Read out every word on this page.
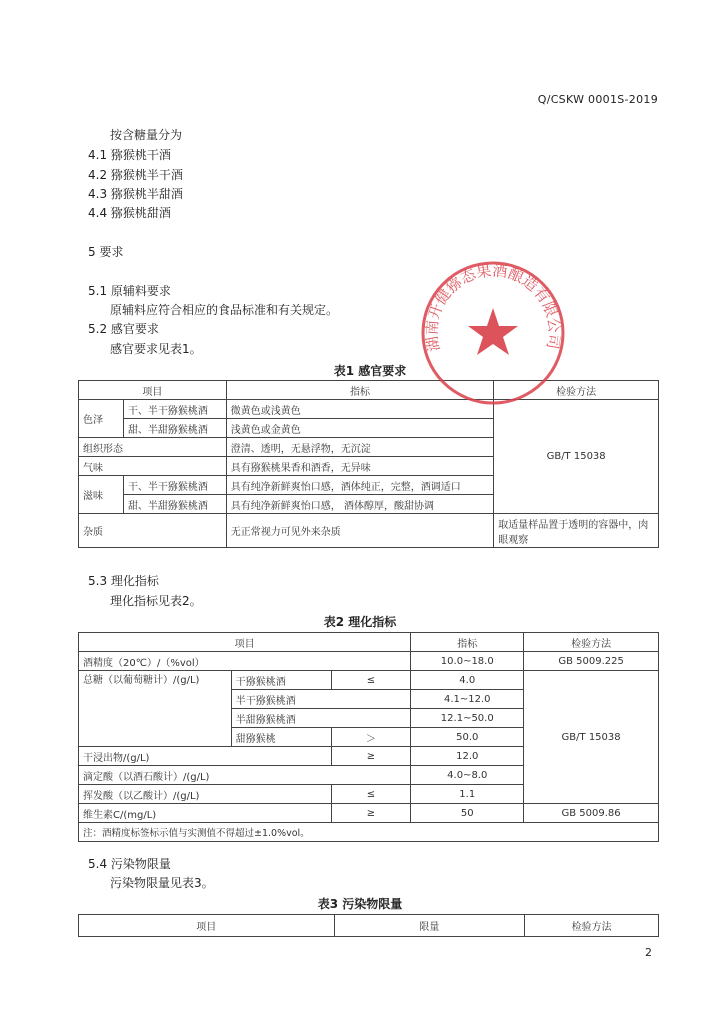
Q/CSKW 0001S-2019
按含糖量分为
4.1 猕猴桃干酒
4.2 猕猴桃半干酒
4.3 猕猴桃半甜酒
4.4 猕猴桃甜酒
5 要求
5.1 原辅料要求
原辅料应符合相应的食品标准和有关规定。
5.2 感官要求
感官要求见表1。
表1 感官要求
项目		指标	检验方法
色泽	干、半干猕猴桃酒	微黄色或浅黄色	GB/T 15038
	甜、半甜猕猴桃酒	浅黄色或金黄色	
组织形态		澄清、透明，无悬浮物，无沉淀	
气味		具有猕猴桃果香和酒香，无异味	
滋味	干、半干猕猴桃酒	具有纯净新鲜爽怡口感，酒体纯正，完整，酒调适口	
	甜、半甜猕猴桃酒	具有纯净新鲜爽怡口感， 酒体醇厚，酸甜协调	
杂质		无正常视力可见外来杂质	取适量样品置于透明的容器中，肉眼观察
5.3 理化指标
理化指标见表2。
表2 理化指标
项目			指标	检验方法
酒精度（20℃）/（%vol）			10.0~18.0	GB 5009.225
总糖（以葡萄糖计）/(g/L)	干猕猴桃酒	≤	4.0	GB/T 15038
	半干猕猴桃酒		4.1~12.0	
	半甜猕猴桃酒		12.1~50.0	
	甜猕猴桃	＞	50.0	
干浸出物/(g/L)		≥	12.0	
滴定酸（以酒石酸计）/(g/L)			4.0~8.0	
挥发酸（以乙酸计）/(g/L)		≤	1.1	
维生素C/(mg/L)		≥	50	GB 5009.86
注：酒精度标签标示值与实测值不得超过±1.0%vol。				
5.4 污染物限量
污染物限量见表3。
表3 污染物限量
项目	限量	检验方法
湖南开健猕态果酒酿造有限公司
2
